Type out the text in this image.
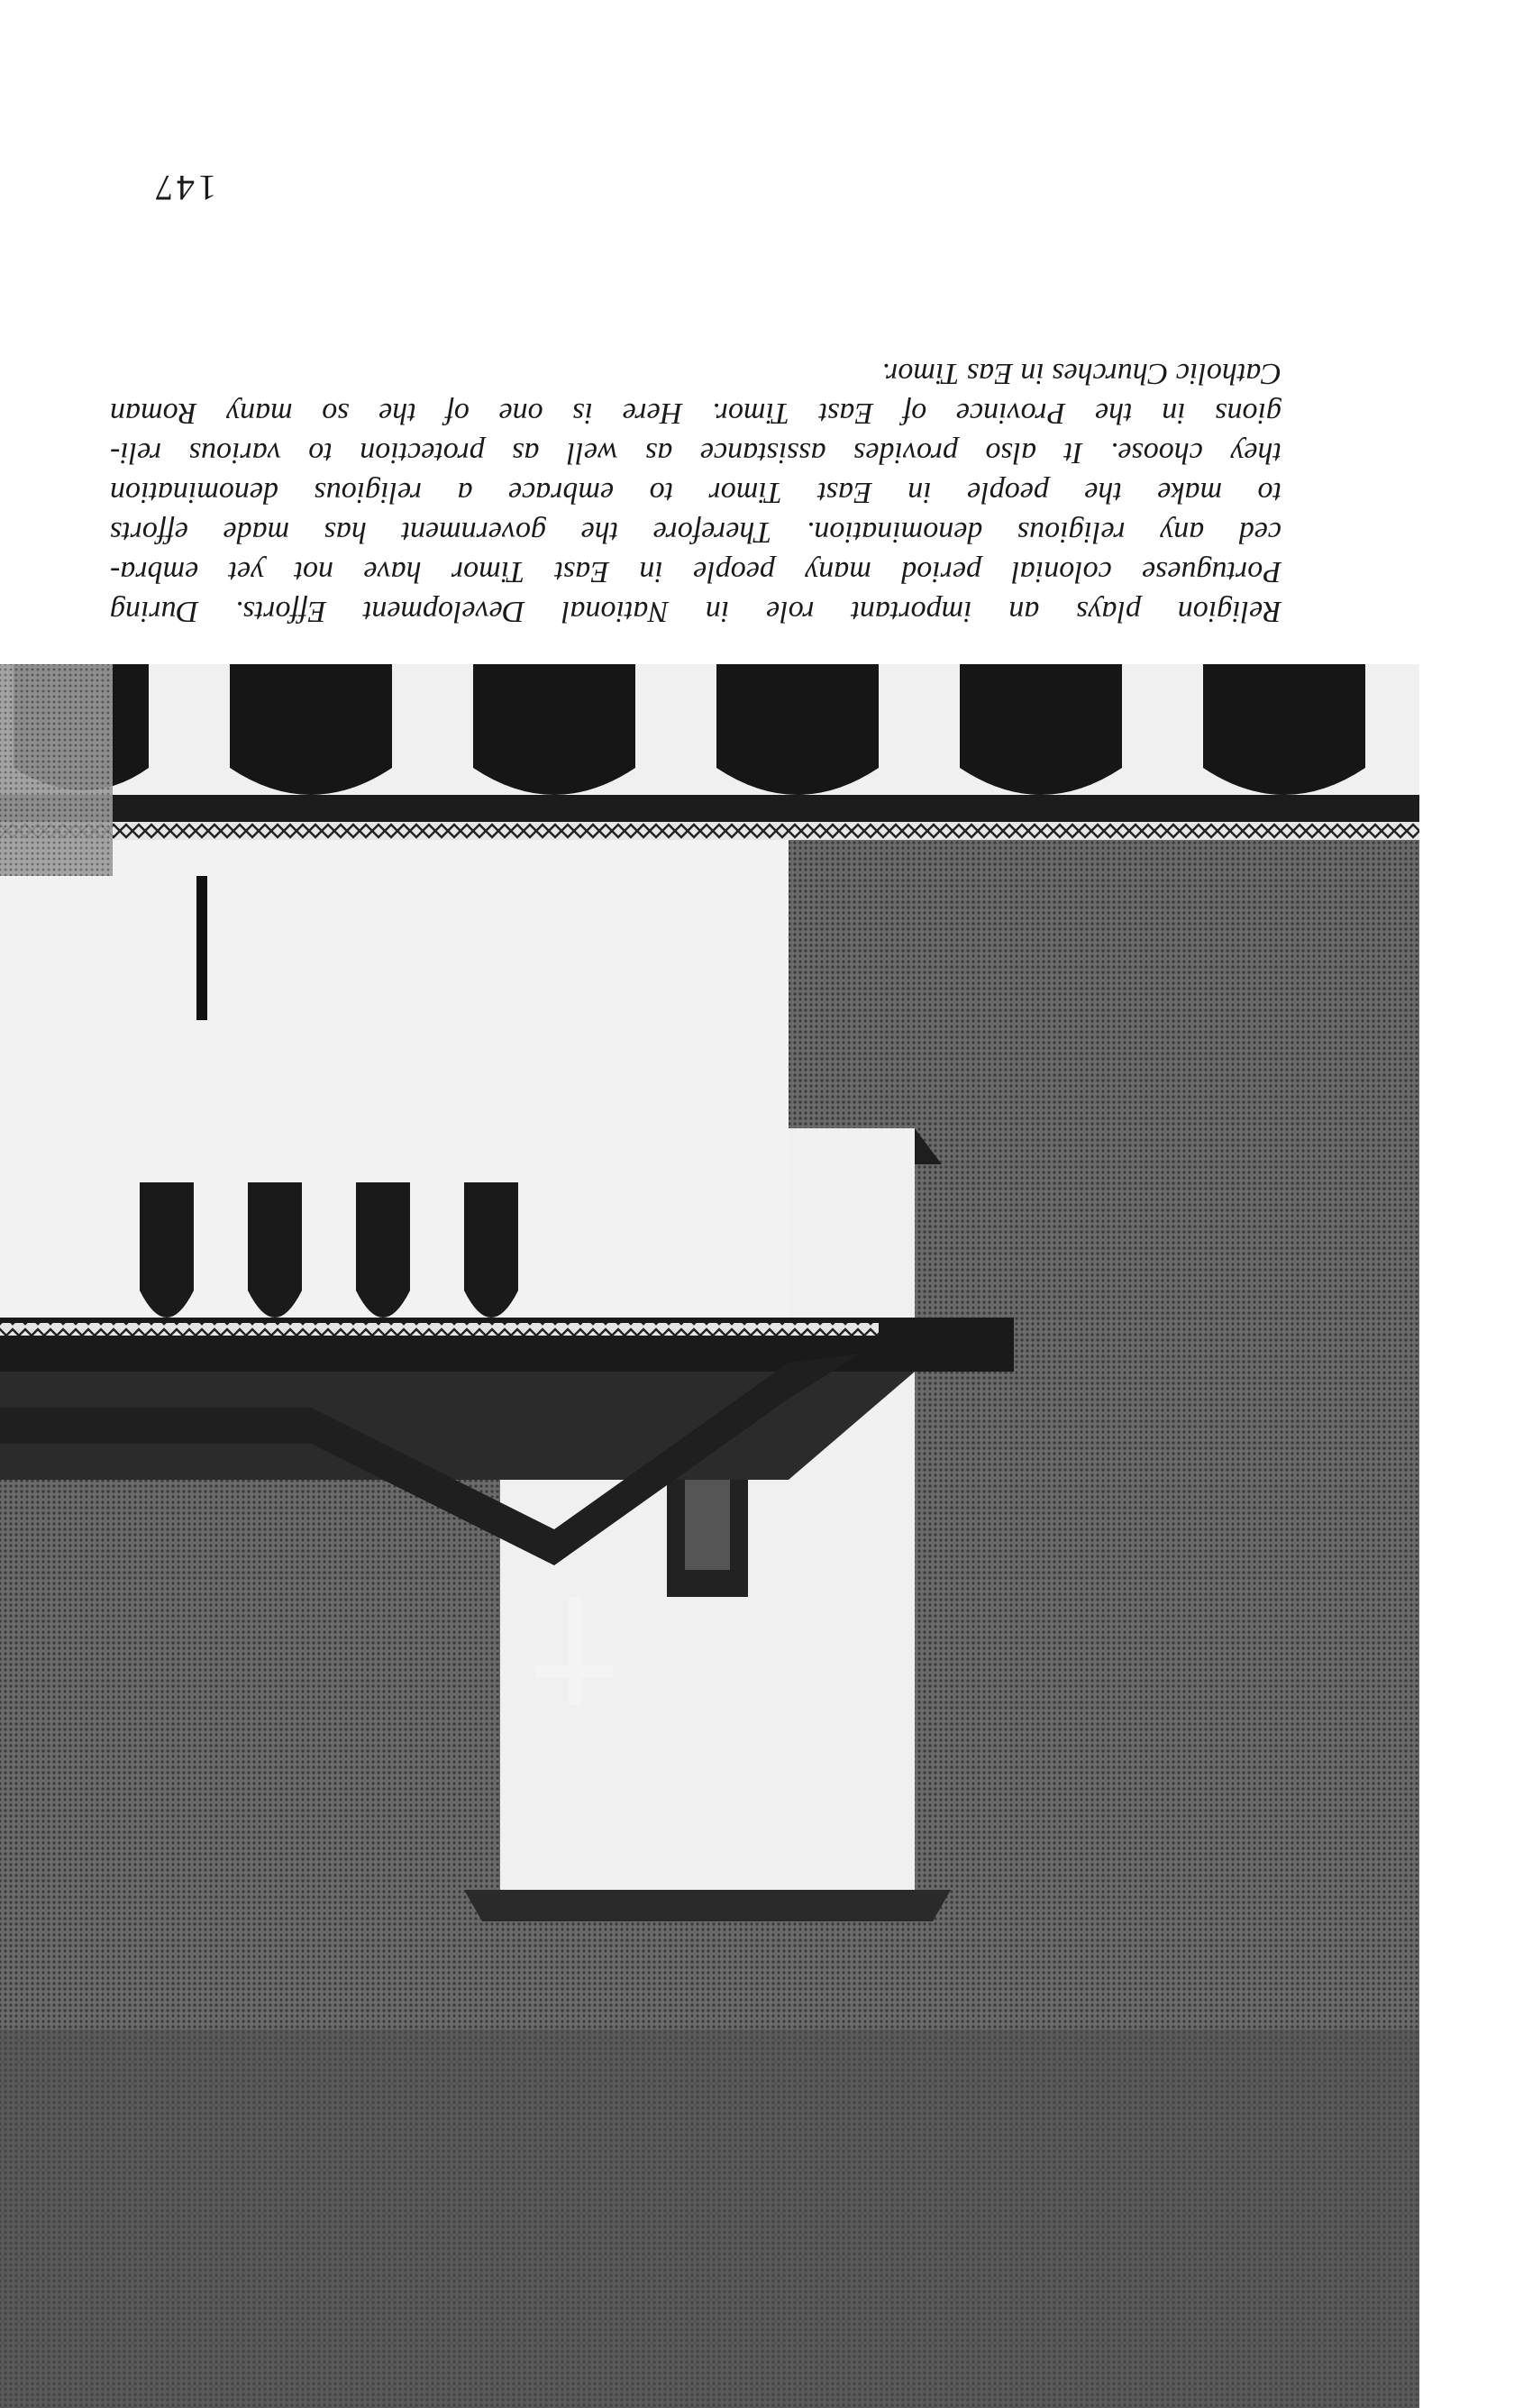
Religion plays an important role in National Development Efforts. During
Portuguese colonial period many people in East Timor have not yet embra-
ced any religious denomination. Therefore the government has made efforts
to make the people in East Timor to embrace a religious denomination
they choose. It also provides assistance as well as protection to various reli-
gions in the Province of East Timor. Here is one of the so many Roman
Catholic Churches in Eas Timor.
147
